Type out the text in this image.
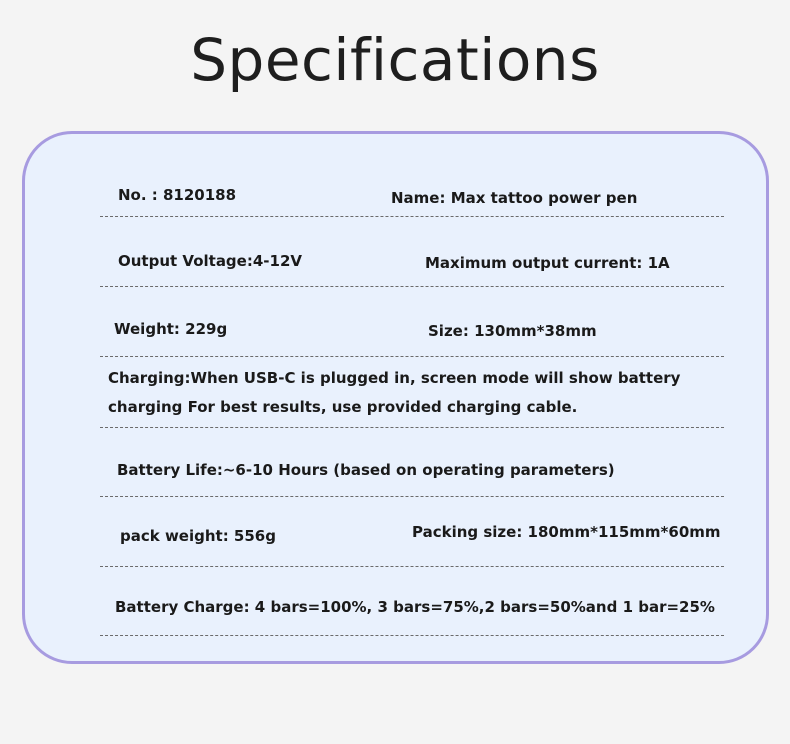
Specifications
No. : 8120188	Name: Max tattoo power pen
Output Voltage:4-12V	Maximum output current: 1A
Weight: 229g	Size: 130mm*38mm
Charging:When USB-C is plugged in, screen mode will show battery
charging For best results, use provided charging cable.
Battery Life:~6-10 Hours (based on operating parameters)
pack weight: 556g	Packing size: 180mm*115mm*60mm
Battery Charge: 4 bars=100%, 3 bars=75%,2 bars=50%and 1 bar=25%
